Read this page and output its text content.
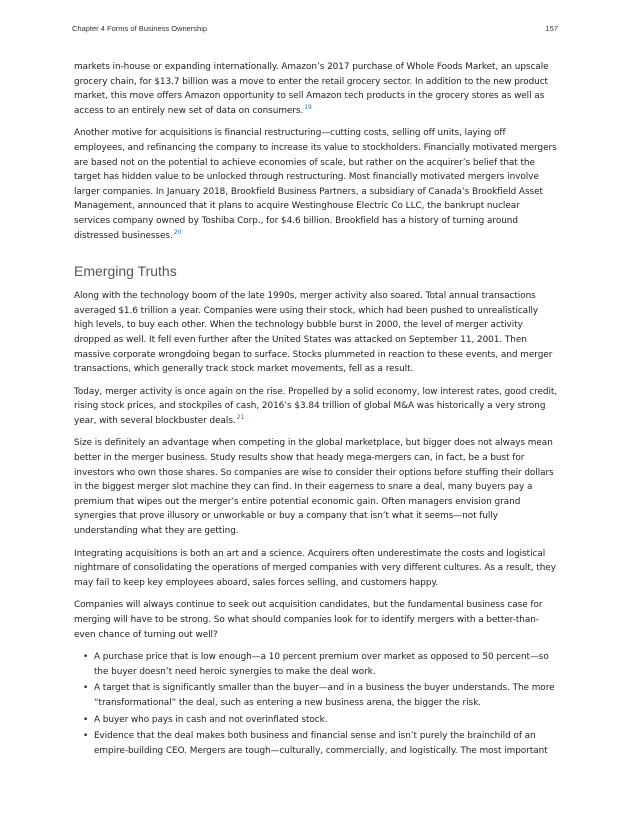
Chapter 4 Forms of Business Ownership	157

markets in-house or expanding internationally. Amazon’s 2017 purchase of Whole Foods Market, an upscale grocery chain, for $13.7 billion was a move to enter the retail grocery sector. In addition to the new product market, this move offers Amazon opportunity to sell Amazon tech products in the grocery stores as well as access to an entirely new set of data on consumers.$^{19}$

Another motive for acquisitions is financial restructuring—cutting costs, selling off units, laying off employees, and refinancing the company to increase its value to stockholders. Financially motivated mergers are based not on the potential to achieve economies of scale, but rather on the acquirer’s belief that the target has hidden value to be unlocked through restructuring. Most financially motivated mergers involve larger companies. In January 2018, Brookfield Business Partners, a subsidiary of Canada’s Brookfield Asset Management, announced that it plans to acquire Westinghouse Electric Co LLC, the bankrupt nuclear services company owned by Toshiba Corp., for $4.6 billion. Brookfield has a history of turning around distressed businesses.$^{20}$

Emerging Truths

Along with the technology boom of the late 1990s, merger activity also soared. Total annual transactions averaged $1.6 trillion a year. Companies were using their stock, which had been pushed to unrealistically high levels, to buy each other. When the technology bubble burst in 2000, the level of merger activity dropped as well. It fell even further after the United States was attacked on September 11, 2001. Then massive corporate wrongdoing began to surface. Stocks plummeted in reaction to these events, and merger transactions, which generally track stock market movements, fell as a result.

Today, merger activity is once again on the rise. Propelled by a solid economy, low interest rates, good credit, rising stock prices, and stockpiles of cash, 2016’s $3.84 trillion of global M&A was historically a very strong year, with several blockbuster deals.$^{21}$

Size is definitely an advantage when competing in the global marketplace, but bigger does not always mean better in the merger business. Study results show that heady mega-mergers can, in fact, be a bust for investors who own those shares. So companies are wise to consider their options before stuffing their dollars in the biggest merger slot machine they can find. In their eagerness to snare a deal, many buyers pay a premium that wipes out the merger’s entire potential economic gain. Often managers envision grand synergies that prove illusory or unworkable or buy a company that isn’t what it seems—not fully understanding what they are getting.

Integrating acquisitions is both an art and a science. Acquirers often underestimate the costs and logistical nightmare of consolidating the operations of merged companies with very different cultures. As a result, they may fail to keep key employees aboard, sales forces selling, and customers happy.

Companies will always continue to seek out acquisition candidates, but the fundamental business case for merging will have to be strong. So what should companies look for to identify mergers with a better-than-even chance of turning out well?

• A purchase price that is low enough—a 10 percent premium over market as opposed to 50 percent—so the buyer doesn’t need heroic synergies to make the deal work.
• A target that is significantly smaller than the buyer—and in a business the buyer understands. The more “transformational” the deal, such as entering a new business arena, the bigger the risk.
• A buyer who pays in cash and not overinflated stock.
• Evidence that the deal makes both business and financial sense and isn’t purely the brainchild of an empire-building CEO. Mergers are tough—culturally, commercially, and logistically. The most important
